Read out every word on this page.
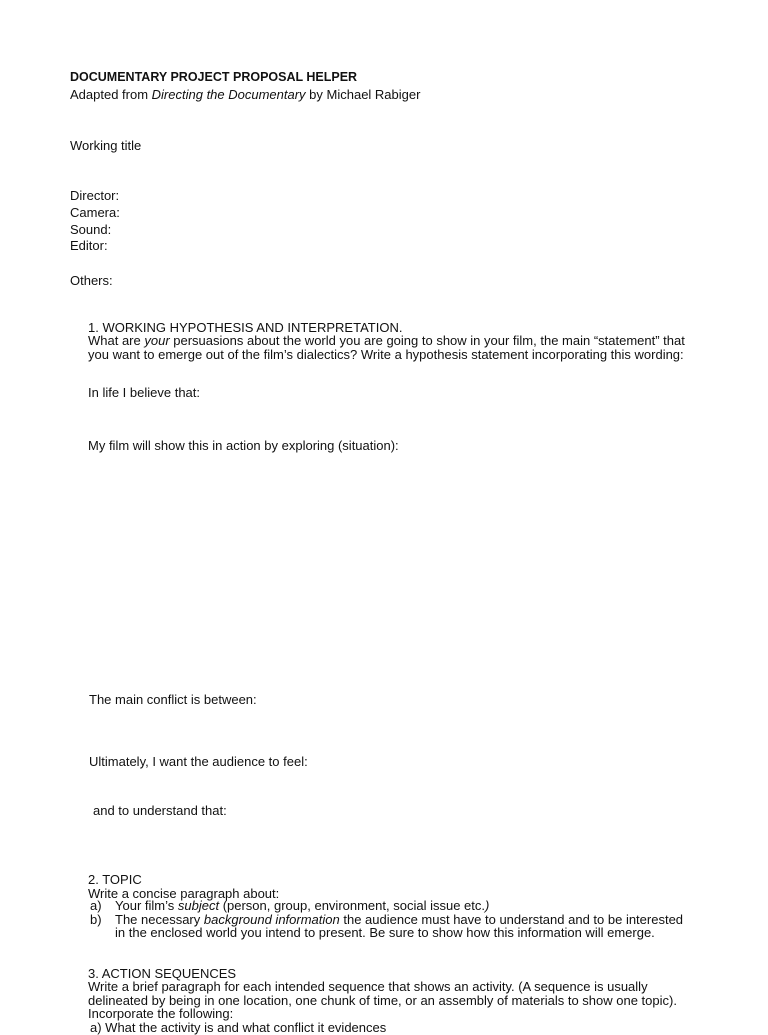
DOCUMENTARY PROJECT PROPOSAL HELPER
Adapted from Directing the Documentary by Michael Rabiger
Working title
Director:
Camera:
Sound:
Editor:
Others:
1. WORKING HYPOTHESIS AND INTERPRETATION.
What are your persuasions about the world you are going to show in your film, the main “statement” that you want to emerge out of the film’s dialectics? Write a hypothesis statement incorporating this wording:
In life I believe that:
My film will show this in action by exploring (situation):
The main conflict is between:
Ultimately, I want the audience to feel:
and to understand that:
2. TOPIC
Write a concise paragraph about:
a) Your film’s subject (person, group, environment, social issue etc.)
b) The necessary background information the audience must have to understand and to be interested in the enclosed world you intend to present. Be sure to show how this information will emerge.
3. ACTION SEQUENCES
Write a brief paragraph for each intended sequence that shows an activity. (A sequence is usually delineated by being in one location, one chunk of time, or an assembly of materials to show one topic). Incorporate the following:
a) What the activity is and what conflict it evidences
